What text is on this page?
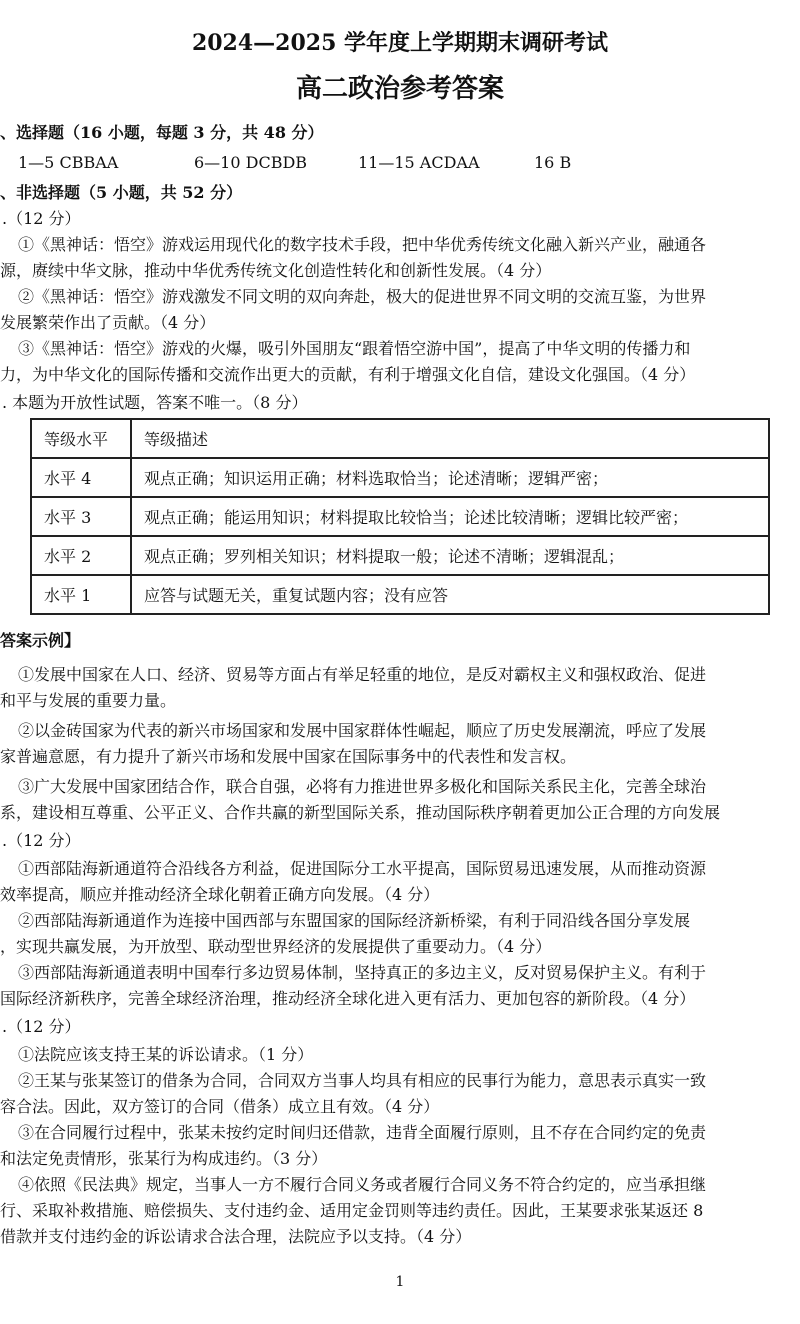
2024—2025 学年度上学期期末调研考试
高二政治参考答案
、选择题（16 小题，每题 3 分，共 48 分）
1—5 CBBAA	6—10 DCBDB	11—15 ACDAA	16 B
、非选择题（5 小题，共 52 分）
.（12 分）
①《黑神话：悟空》游戏运用现代化的数字技术手段，把中华优秀传统文化融入新兴产业，融通各
源，赓续中华文脉，推动中华优秀传统文化创造性转化和创新性发展。（4 分）
②《黑神话：悟空》游戏激发不同文明的双向奔赴，极大的促进世界不同文明的交流互鉴，为世界
发展繁荣作出了贡献。（4 分）
③《黑神话：悟空》游戏的火爆，吸引外国朋友“跟着悟空游中国”，提高了中华文明的传播力和
力，为中华文化的国际传播和交流作出更大的贡献，有利于增强文化自信，建设文化强国。（4 分）
. 本题为开放性试题，答案不唯一。（8 分）
等级水平	等级描述
水平 4	观点正确；知识运用正确；材料选取恰当；论述清晰；逻辑严密；
水平 3	观点正确；能运用知识；材料提取比较恰当；论述比较清晰；逻辑比较严密；
水平 2	观点正确；罗列相关知识；材料提取一般；论述不清晰；逻辑混乱；
水平 1	应答与试题无关，重复试题内容；没有应答
答案示例】
①发展中国家在人口、经济、贸易等方面占有举足轻重的地位，是反对霸权主义和强权政治、促进
和平与发展的重要力量。
②以金砖国家为代表的新兴市场国家和发展中国家群体性崛起，顺应了历史发展潮流，呼应了发展
家普遍意愿，有力提升了新兴市场和发展中国家在国际事务中的代表性和发言权。
③广大发展中国家团结合作，联合自强，必将有力推进世界多极化和国际关系民主化，完善全球治
系，建设相互尊重、公平正义、合作共赢的新型国际关系，推动国际秩序朝着更加公正合理的方向发展
.（12 分）
①西部陆海新通道符合沿线各方利益，促进国际分工水平提高，国际贸易迅速发展，从而推动资源
效率提高，顺应并推动经济全球化朝着正确方向发展。（4 分）
②西部陆海新通道作为连接中国西部与东盟国家的国际经济新桥梁，有利于同沿线各国分享发展
，实现共赢发展，为开放型、联动型世界经济的发展提供了重要动力。（4 分）
③西部陆海新通道表明中国奉行多边贸易体制，坚持真正的多边主义，反对贸易保护主义。有利于
国际经济新秩序，完善全球经济治理，推动经济全球化进入更有活力、更加包容的新阶段。（4 分）
.（12 分）
①法院应该支持王某的诉讼请求。（1 分）
②王某与张某签订的借条为合同，合同双方当事人均具有相应的民事行为能力，意思表示真实一致
容合法。因此，双方签订的合同（借条）成立且有效。（4 分）
③在合同履行过程中，张某未按约定时间归还借款，违背全面履行原则，且不存在合同约定的免责
和法定免责情形，张某行为构成违约。（3 分）
④依照《民法典》规定，当事人一方不履行合同义务或者履行合同义务不符合约定的，应当承担继
行、采取补救措施、赔偿损失、支付违约金、适用定金罚则等违约责任。因此，王某要求张某返还 8
借款并支付违约金的诉讼请求合法合理，法院应予以支持。（4 分）
1
